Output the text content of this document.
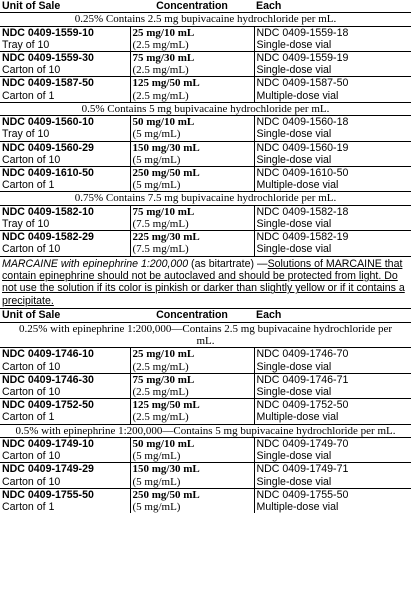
Unit of Sale	Concentration	Each
0.25% Contains 2.5 mg bupivacaine hydrochloride per mL.		
NDC 0409-1559-10	25 mg/10 mL	NDC 0409-1559-18
Tray of 10	(2.5 mg/mL)	Single-dose vial
NDC 0409-1559-30	75 mg/30 mL	NDC 0409-1559-19
Carton of 10	(2.5 mg/mL)	Single-dose vial
NDC 0409-1587-50	125 mg/50 mL	NDC 0409-1587-50
Carton of 1	(2.5 mg/mL)	Multiple-dose vial
0.5% Contains 5 mg bupivacaine hydrochloride per mL.		
NDC 0409-1560-10	50 mg/10 mL	NDC 0409-1560-18
Tray of 10	(5 mg/mL)	Single-dose vial
NDC 0409-1560-29	150 mg/30 mL	NDC 0409-1560-19
Carton of 10	(5 mg/mL)	Single-dose vial
NDC 0409-1610-50	250 mg/50 mL	NDC 0409-1610-50
Carton of 1	(5 mg/mL)	Multiple-dose vial
0.75% Contains 7.5 mg bupivacaine hydrochloride per mL.		
NDC 0409-1582-10	75 mg/10 mL	NDC 0409-1582-18
Tray of 10	(7.5 mg/mL)	Single-dose vial
NDC 0409-1582-29	225 mg/30 mL	NDC 0409-1582-19
Carton of 10	(7.5 mg/mL)	Single-dose vial
MARCAINE with epinephrine 1:200,000 (as bitartrate) —Solutions of MARCAINE that contain epinephrine should not be autoclaved and should be protected from light. Do not use the solution if its color is pinkish or darker than slightly yellow or if it contains a precipitate.
Unit of Sale	Concentration	Each
0.25% with epinephrine 1:200,000—Contains 2.5 mg bupivacaine hydrochloride per mL.		
NDC 0409-1746-10	25 mg/10 mL	NDC 0409-1746-70
Carton of 10	(2.5 mg/mL)	Single-dose vial
NDC 0409-1746-30	75 mg/30 mL	NDC 0409-1746-71
Carton of 10	(2.5 mg/mL)	Single-dose vial
NDC 0409-1752-50	125 mg/50 mL	NDC 0409-1752-50
Carton of 1	(2.5 mg/mL)	Multiple-dose vial
0.5% with epinephrine 1:200,000—Contains 5 mg bupivacaine hydrochloride per mL.		
NDC 0409-1749-10	50 mg/10 mL	NDC 0409-1749-70
Carton of 10	(5 mg/mL)	Single-dose vial
NDC 0409-1749-29	150 mg/30 mL	NDC 0409-1749-71
Carton of 10	(5 mg/mL)	Single-dose vial
NDC 0409-1755-50	250 mg/50 mL	NDC 0409-1755-50
Carton of 1	(5 mg/mL)	Multiple-dose vial
